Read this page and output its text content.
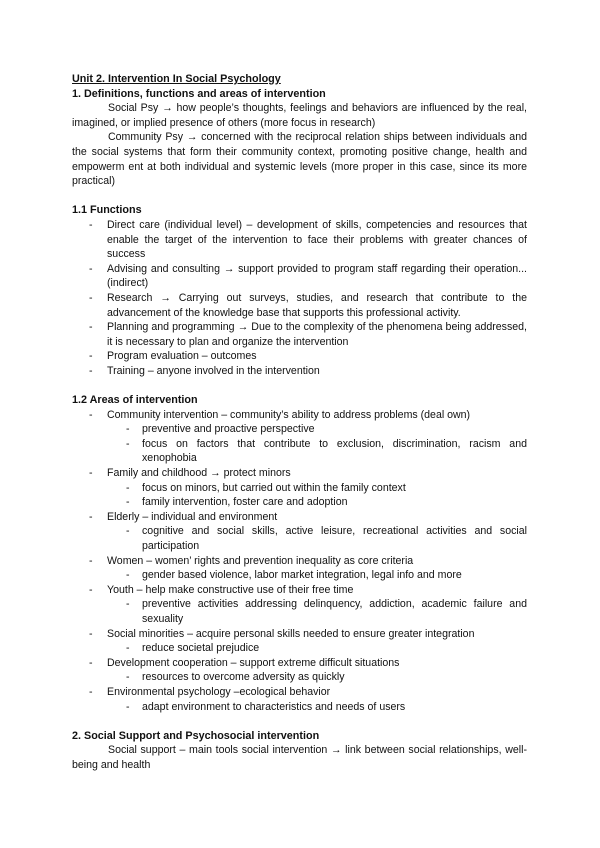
Unit 2. Intervention In Social Psychology

1. Definitions, functions and areas of intervention

Social Psy → how people’s thoughts, feelings and behaviors are influenced by the real, imagined, or implied presence of others (more focus in research)

Community Psy → concerned with the reciprocal relation ships between individuals and the social systems that form their community context, promoting positive change, health and empowerm ent at both individual and systemic levels (more proper in this case, since its more practical)

1.1 Functions

- Direct care (individual level) – development of skills, competencies and resources that enable the target of the intervention to face their problems with greater chances of success
- Advising and consulting → support provided to program staff regarding their operation... (indirect)
- Research → Carrying out surveys, studies, and research that contribute to the advancement of the knowledge base that supports this professional activity.
- Planning and programming → Due to the complexity of the phenomena being addressed, it is necessary to plan and organize the intervention
- Program evaluation – outcomes
- Training – anyone involved in the intervention

1.2 Areas of intervention

- Community intervention – community’s ability to address problems (deal own)
- preventive and proactive perspective
- focus on factors that contribute to exclusion, discrimination, racism and xenophobia
- Family and childhood → protect minors
- focus on minors, but carried out within the family context
- family intervention, foster care and adoption
- Elderly – individual and environment
- cognitive and social skills, active leisure, recreational activities and social participation
- Women – women’ rights and prevention inequality as core criteria
- gender based violence, labor market integration, legal info and more
- Youth – help make constructive use of their free time
- preventive activities addressing delinquency, addiction, academic failure and sexuality
- Social minorities – acquire personal skills needed to ensure greater integration
- reduce societal prejudice
- Development cooperation – support extreme difficult situations
- resources to overcome adversity as quickly
- Environmental psychology –ecological behavior
- adapt environment to characteristics and needs of users

2. Social Support and Psychosocial intervention

Social support – main tools social intervention → link between social relationships, well-being and health
